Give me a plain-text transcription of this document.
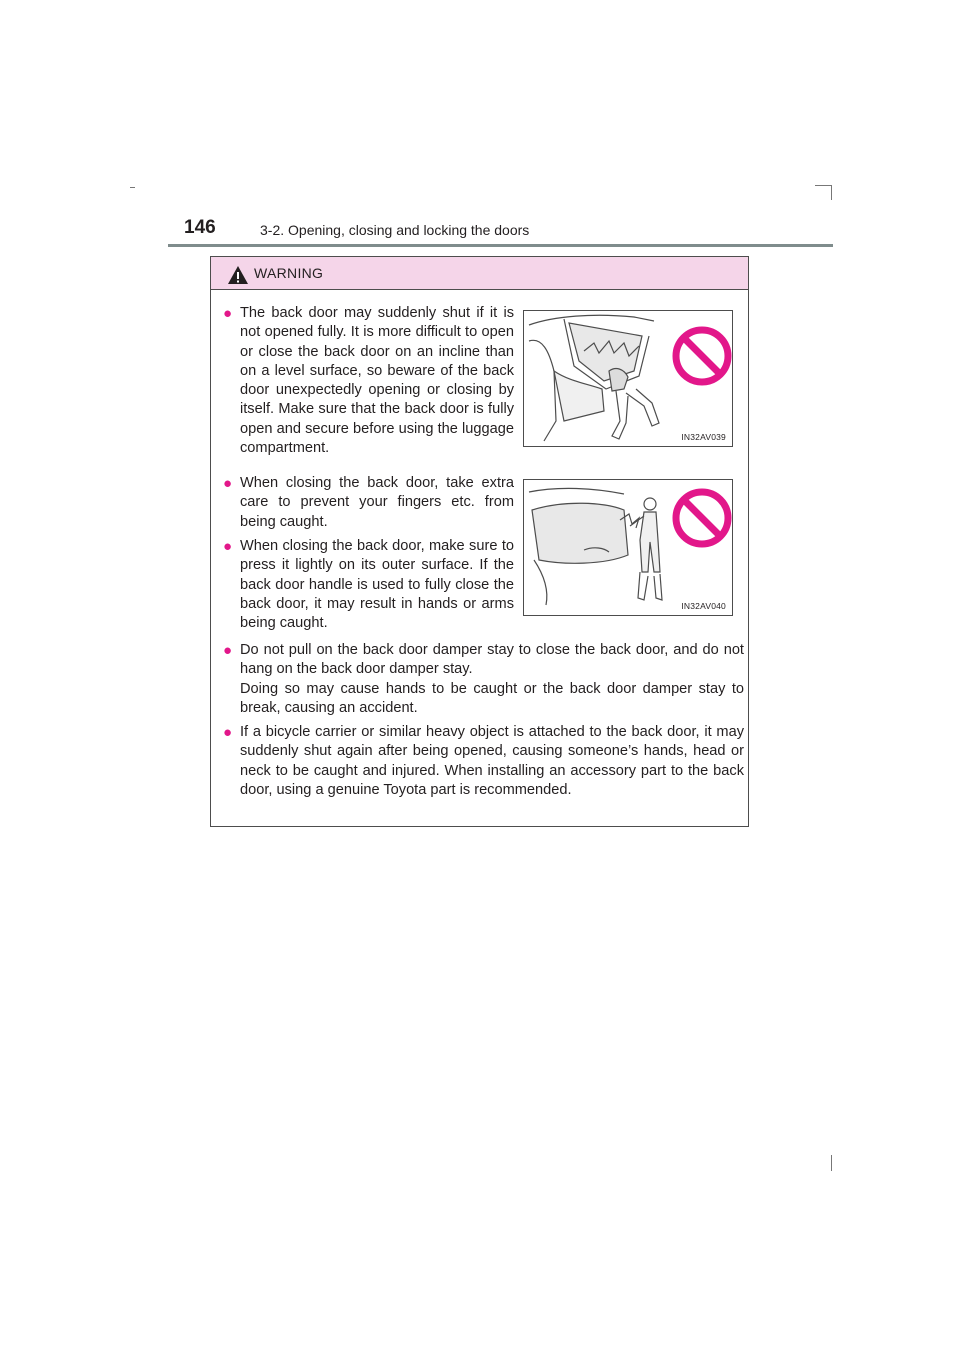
146	3-2. Opening, closing and locking the doors
WARNING
● The back door may suddenly shut if it is not opened fully. It is more difficult to open or close the back door on an incline than on a level surface, so beware of the back door unexpectedly opening or closing by itself. Make sure that the back door is fully open and secure before using the luggage compartment.

IN32AV039
● When closing the back door, take extra care to prevent your fingers etc. from being caught.

● When closing the back door, make sure to press it lightly on its outer surface. If the back door handle is used to fully close the back door, it may result in hands or arms being caught.

IN32AV040
● Do not pull on the back door damper stay to close the back door, and do not hang on the back door damper stay.

Doing so may cause hands to be caught or the back door damper stay to break, causing an accident.

● If a bicycle carrier or similar heavy object is attached to the back door, it may suddenly shut again after being opened, causing someone’s hands, head or neck to be caught and injured. When installing an accessory part to the back door, using a genuine Toyota part is recommended.
